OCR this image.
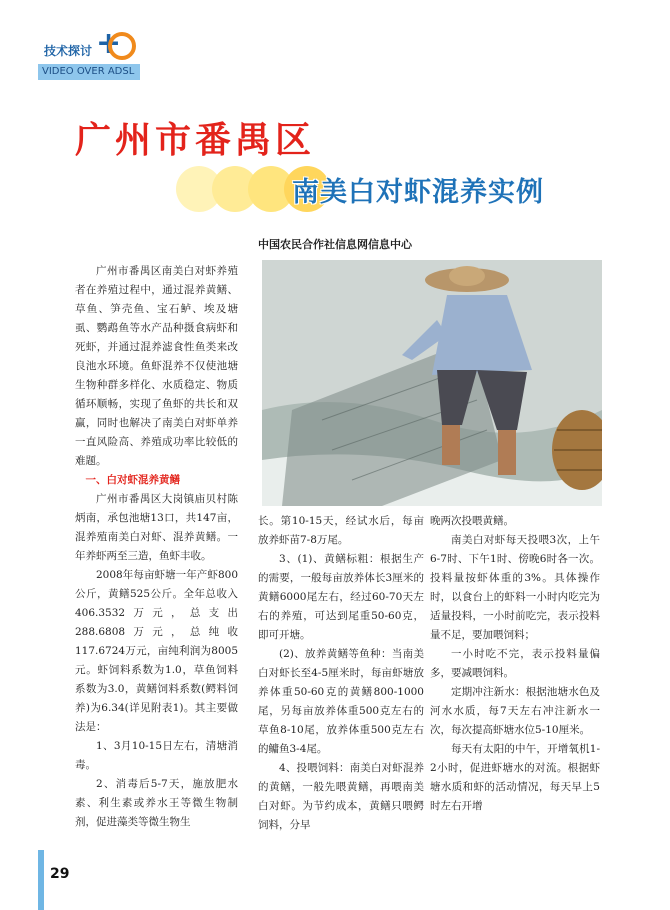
技术探讨 +
VIDEO OVER ADSL
广州市番禺区
南美白对虾混养实例
中国农民合作社信息网信息中心

广州市番禺区南美白对虾养殖者在养殖过程中，通过混养黄鳝、草鱼、笋壳鱼、宝石鲈、埃及塘虱、鹦鹉鱼等水产品种摄食病虾和死虾，并通过混养滤食性鱼类来改良池水环境。鱼虾混养不仅使池塘生物种群多样化、水质稳定、物质循环顺畅，实现了鱼虾的共长和双赢，同时也解决了南美白对虾单养一直风险高、养殖成功率比较低的难题。

一、白对虾混养黄鳝

广州市番禺区大岗镇庙贝村陈炳南，承包池塘13口，共147亩，混养殖南美白对虾、混养黄鳝。一年养虾两至三造，鱼虾丰收。

2008年每亩虾塘一年产虾800公斤，黄鳝525公斤。全年总收入406.3532万元，总支出288.6808万元，总纯收117.6724万元，亩纯利润为8005元。虾饲料系数为1.0，草鱼饲料系数为3.0，黄鳝饲料系数(鳄料饲养)为6.34(详见附表1)。其主要做法是：

1、3月10-15日左右，清塘消毒。

2、消毒后5-7天，施放肥水素、利生素或养水王等微生物制剂，促进藻类等微生物生

长。第10-15天，经试水后，每亩放养虾苗7-8万尾。

3、(1)、黄鳝标粗：根据生产的需要，一般每亩放养体长3厘米的黄鳝6000尾左右，经过60-70天左右的养殖，可达到尾重50-60克，即可开塘。

(2)、放养黄鳝等鱼种：当南美白对虾长至4-5厘米时，每亩虾塘放养体重50-60克的黄鳝800-1000尾，另每亩放养体重500克左右的草鱼8-10尾，放养体重500克左右的鳙鱼3-4尾。

4、投喂饲料：南美白对虾混养的黄鳝，一般先喂黄鳝，再喂南美白对虾。为节约成本，黄鳝只喂鳄饲料，分早

晚两次投喂黄鳝。

南美白对虾每天投喂3次，上午6-7时、下午1时、傍晚6时各一次。投料量按虾体重的3%。具体操作时，以食台上的虾料一小时内吃完为适量投料，一小时前吃完，表示投料量不足，要加喂饲料；

一小时吃不完，表示投料量偏多，要减喂饲料。

定期冲注新水：根据池塘水色及河水水质，每7天左右冲注新水一次，每次提高虾塘水位5-10厘米。

每天有太阳的中午，开增氧机1-2小时，促进虾塘水的对流。根据虾塘水质和虾的活动情况，每天早上5时左右开增

29
